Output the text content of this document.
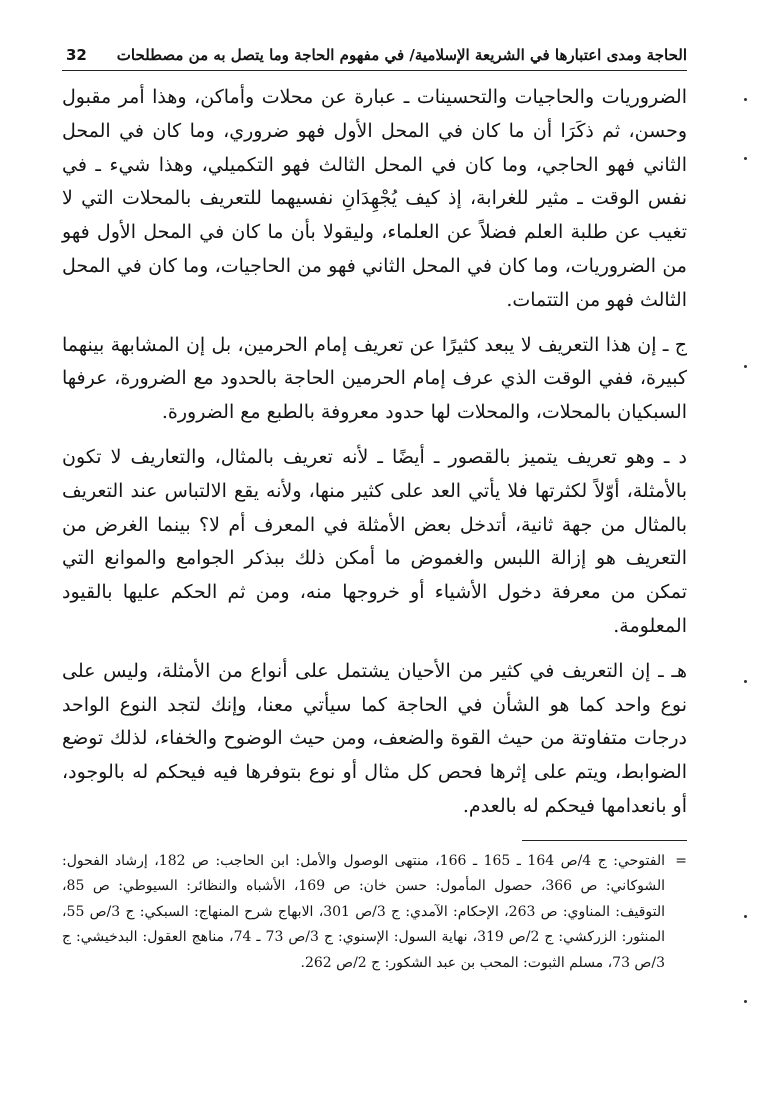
الحاجة ومدى اعتبارها في الشريعة الإسلامية/ في مفهوم الحاجة وما يتصل به من مصطلحات
32

الضروريات والحاجيات والتحسينات ـ عبارة عن محلات وأماكن، وهذا أمر مقبول وحسن، ثم ذكَرَا أن ما كان في المحل الأول فهو ضروري، وما كان في المحل الثاني فهو الحاجي، وما كان في المحل الثالث فهو التكميلي، وهذا شيء ـ في نفس الوقت ـ مثير للغرابة، إذ كيف يُجْهِدَانِ نفسيهما للتعريف بالمحلات التي لا تغيب عن طلبة العلم فضلاً عن العلماء، وليقولا بأن ما كان في المحل الأول فهو من الضروريات، وما كان في المحل الثاني فهو من الحاجيات، وما كان في المحل الثالث فهو من التتمات.

ج ـ إن هذا التعريف لا يبعد كثيرًا عن تعريف إمام الحرمين، بل إن المشابهة بينهما كبيرة، ففي الوقت الذي عرف إمام الحرمين الحاجة بالحدود مع الضرورة، عرفها السبكيان بالمحلات، والمحلات لها حدود معروفة بالطبع مع الضرورة.

د ـ وهو تعريف يتميز بالقصور ـ أيضًا ـ لأنه تعريف بالمثال، والتعاريف لا تكون بالأمثلة، أوّلاً لكثرتها فلا يأتي العد على كثير منها، ولأنه يقع الالتباس عند التعريف بالمثال من جهة ثانية، أتدخل بعض الأمثلة في المعرف أم لا؟ بينما الغرض من التعريف هو إزالة اللبس والغموض ما أمكن ذلك ببذكر الجوامع والموانع التي تمكن من معرفة دخول الأشياء أو خروجها منه، ومن ثم الحكم عليها بالقيود المعلومة.

هـ ـ إن التعريف في كثير من الأحيان يشتمل على أنواع من الأمثلة، وليس على نوع واحد كما هو الشأن في الحاجة كما سيأتي معنا، وإنك لتجد النوع الواحد درجات متفاوتة من حيث القوة والضعف، ومن حيث الوضوح والخفاء، لذلك توضع الضوابط، ويتم على إثرها فحص كل مثال أو نوع بتوفرها فيه فيحكم له بالوجود، أو بانعدامها فيحكم له بالعدم.

=
الفتوحي: ج 4/ص 164 ـ 165 ـ 166، منتهى الوصول والأمل: ابن الحاجب: ص 182، إرشاد الفحول: الشوكاني: ص 366، حصول المأمول: حسن خان: ص 169، الأشباه والنظائر: السيوطي: ص 85، التوقيف: المناوي: ص 263، الإحكام: الآمدي: ج 3/ص 301، الابهاج شرح المنهاج: السبكي: ج 3/ص 55، المنثور: الزركشي: ج 2/ص 319، نهاية السول: الإسنوي: ج 3/ص 73 ـ 74، مناهج العقول: البدخيشي: ج 3/ص 73، مسلم الثبوت: المحب بن عبد الشكور: ج 2/ص 262.
